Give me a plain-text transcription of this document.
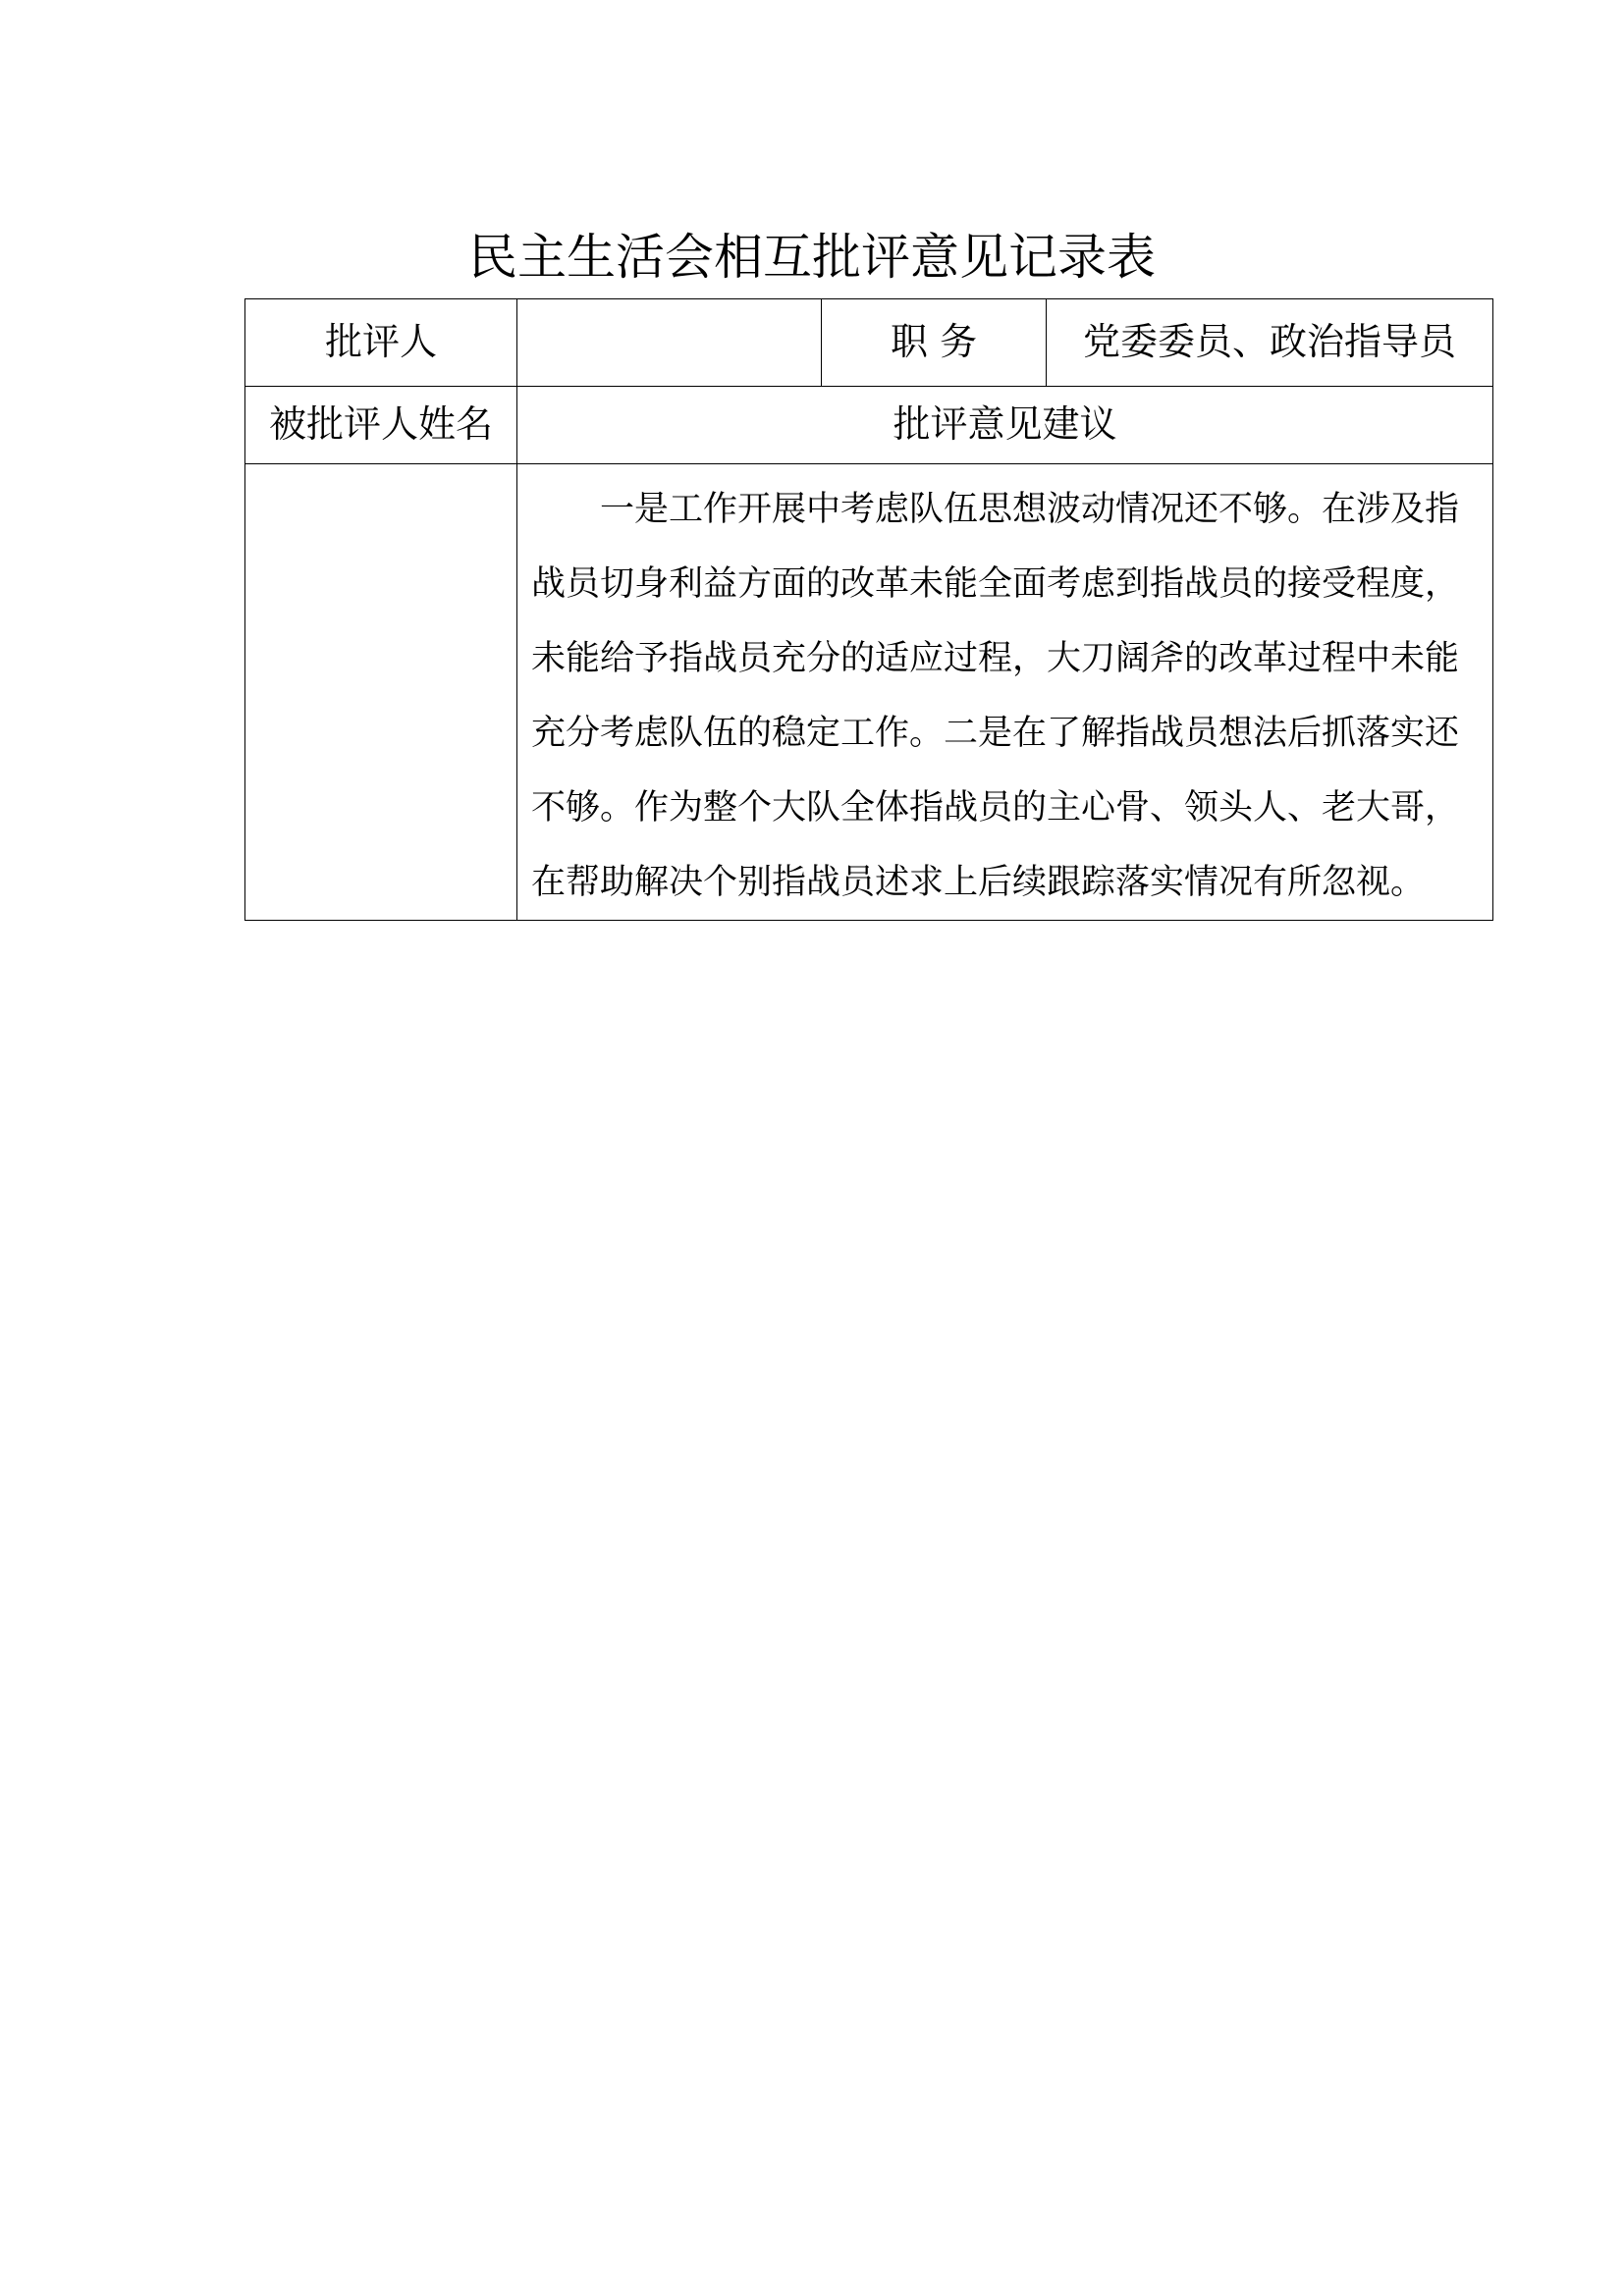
民主生活会相互批评意见记录表
批评人		职 务	党委委员、政治指导员
被批评人姓名	批评意见建议		
	一是工作开展中考虑队伍思想波动情况还不够。在涉及指战员切身利益方面的改革未能全面考虑到指战员的接受程度，未能给予指战员充分的适应过程，大刀阔斧的改革过程中未能充分考虑队伍的稳定工作。二是在了解指战员想法后抓落实还不够。作为整个大队全体指战员的主心骨、领头人、老大哥，在帮助解决个别指战员述求上后续跟踪落实情况有所忽视。		
